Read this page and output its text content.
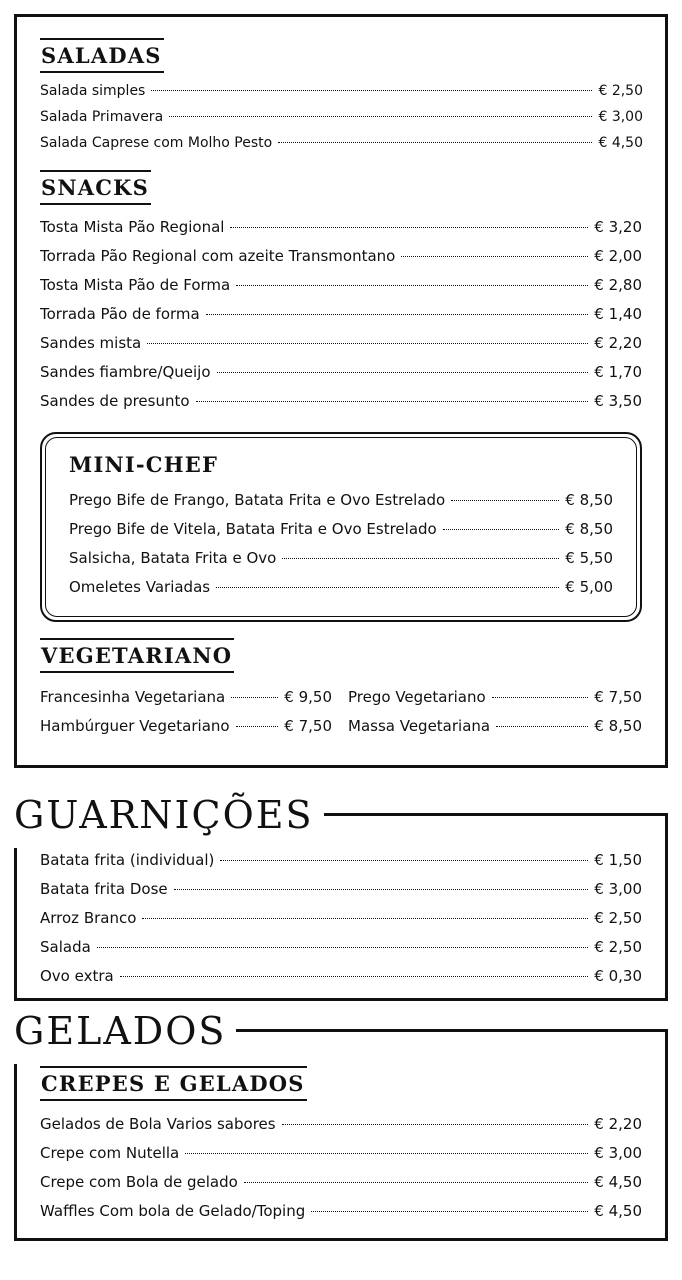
SALADAS
Salada simples	€ 2,50
Salada Primavera	€ 3,00
Salada Caprese com Molho Pesto	€ 4,50
SNACKS
Tosta Mista Pão Regional	€ 3,20
Torrada Pão Regional com azeite Transmontano	€ 2,00
Tosta Mista Pão de Forma	€ 2,80
Torrada Pão de forma	€ 1,40
Sandes mista	€ 2,20
Sandes fiambre/Queijo	€ 1,70
Sandes de presunto	€ 3,50
MINI-CHEF
Prego Bife de Frango, Batata Frita e Ovo Estrelado	€ 8,50
Prego Bife de Vitela, Batata Frita e Ovo Estrelado	€ 8,50
Salsicha, Batata Frita e Ovo	€ 5,50
Omeletes Variadas	€ 5,00
VEGETARIANO
Francesinha Vegetariana	€ 9,50 Prego Vegetariano	€ 7,50
Hambúrguer Vegetariano	€ 7,50 Massa Vegetariana	€ 8,50
GUARNIÇÕES
Batata frita (individual)	€ 1,50
Batata frita Dose	€ 3,00
Arroz Branco	€ 2,50
Salada	€ 2,50
Ovo extra	€ 0,30
GELADOS
CREPES E GELADOS
Gelados de Bola Varios sabores	€ 2,20
Crepe com Nutella	€ 3,00
Crepe com Bola de gelado	€ 4,50
Waffles Com bola de Gelado/Toping	€ 4,50
